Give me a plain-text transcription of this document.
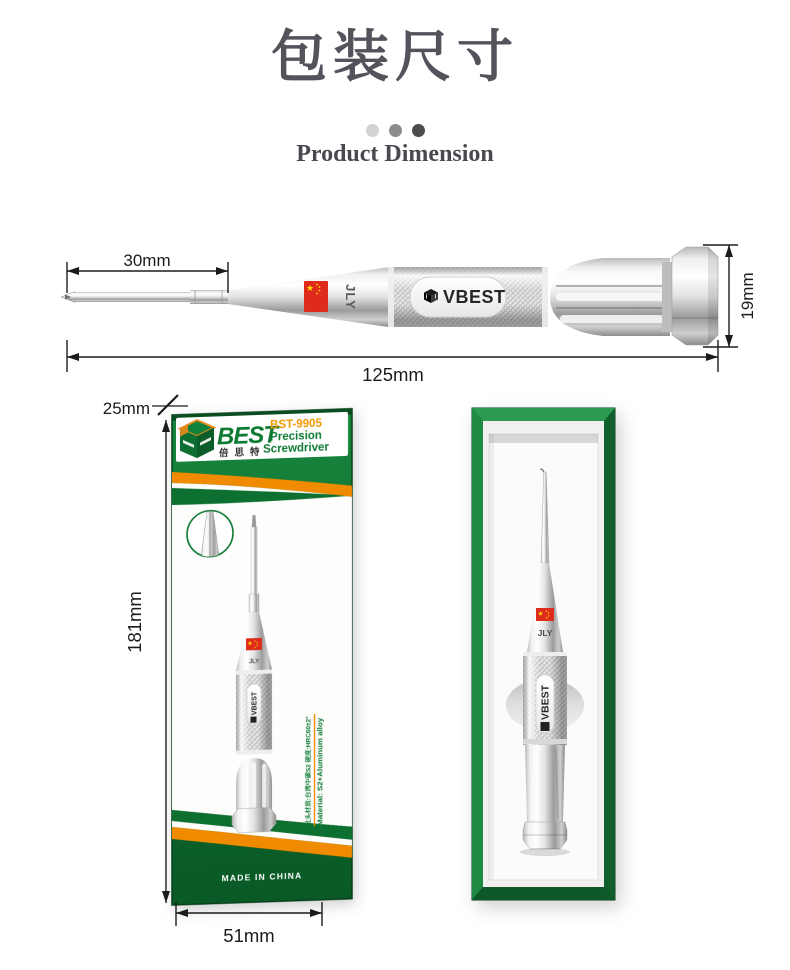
包装尺寸
Product Dimension
JLY	VBEST
30mm
125mm
19mm
BEST
倍思特
BST-9905
Precision
Screwdriver
JLY
VBEST
批头材质:台湾中碳S2 硬度:HRC60±2° Material: S2+Aluminum alloy
MADE IN CHINA
JLY
VBEST
25mm
181mm
51mm
